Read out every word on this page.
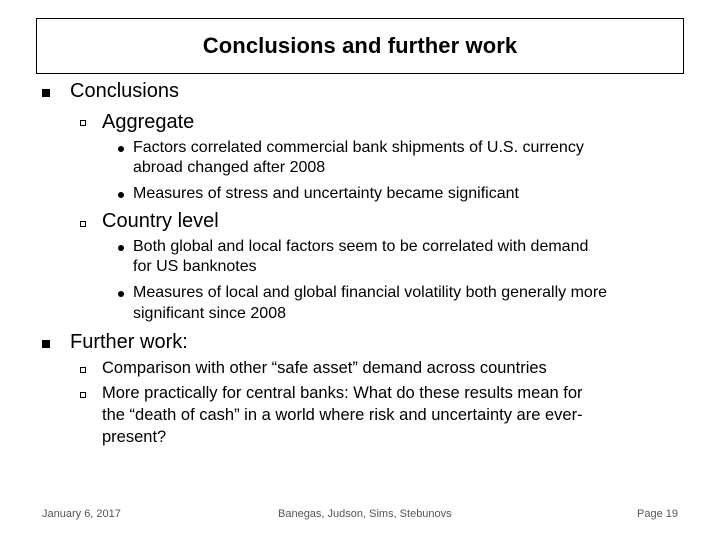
Conclusions and further work
Conclusions
Aggregate
Factors correlated commercial bank shipments of U.S. currency
abroad changed after 2008
Measures of stress and uncertainty became significant
Country level
Both global and local factors seem to be correlated with demand
for US banknotes
Measures of local and global financial volatility both generally more
significant since 2008
Further work:
Comparison with other “safe asset” demand across countries
More practically for central banks: What do these results mean for
the “death of cash” in a world where risk and uncertainty are ever-
present?
January 6, 2017	Banegas, Judson, Sims, Stebunovs	Page 19
